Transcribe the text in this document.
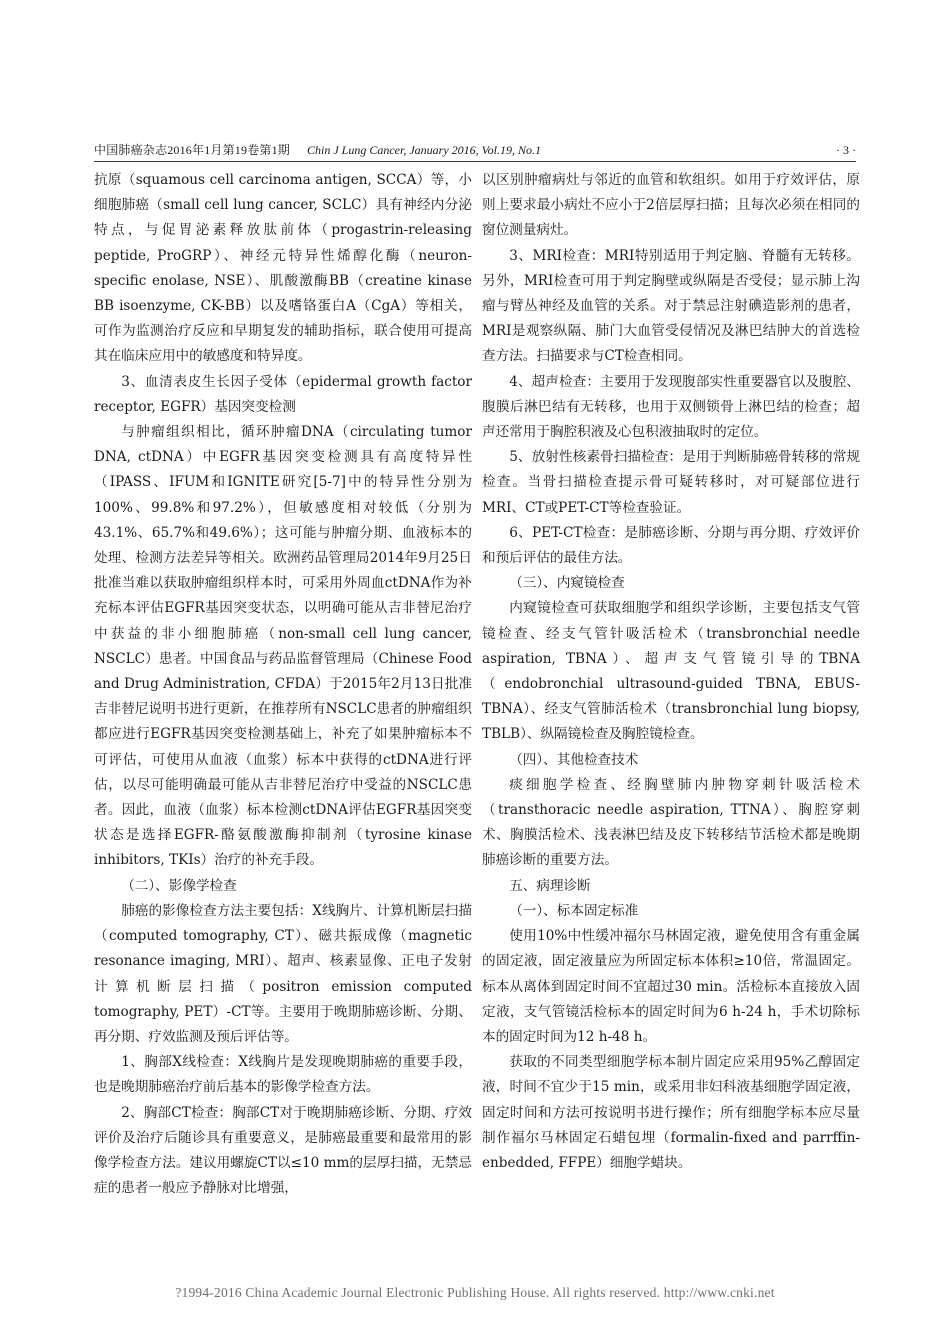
中国肺癌杂志2016年1月第19卷第1期 Chin J Lung Cancer, January 2016, Vol.19, No.1	· 3 ·

抗原（squamous cell carcinoma antigen, SCCA）等，小细胞肺癌（small cell lung cancer, SCLC）具有神经内分泌特点，与促胃泌素释放肽前体（progastrin-releasing peptide, ProGRP）、神经元特异性烯醇化酶（neuron-specific enolase, NSE）、肌酸激酶BB（creatine kinase BB isoenzyme, CK-BB）以及嗜铬蛋白A（CgA）等相关，可作为监测治疗反应和早期复发的辅助指标，联合使用可提高其在临床应用中的敏感度和特异度。

3、血清表皮生长因子受体（epidermal growth factor receptor, EGFR）基因突变检测

与肿瘤组织相比，循环肿瘤DNA（circulating tumor DNA, ctDNA）中EGFR基因突变检测具有高度特异性（IPASS、IFUM和IGNITE研究[5-7]中的特异性分别为100%、99.8%和97.2%），但敏感度相对较低（分别为43.1%、65.7%和49.6%）；这可能与肿瘤分期、血液标本的处理、检测方法差异等相关。欧洲药品管理局2014年9月25日批准当难以获取肿瘤组织样本时，可采用外周血ctDNA作为补充标本评估EGFR基因突变状态，以明确可能从吉非替尼治疗中获益的非小细胞肺癌（non-small cell lung cancer, NSCLC）患者。中国食品与药品监督管理局（Chinese Food and Drug Administration, CFDA）于2015年2月13日批准吉非替尼说明书进行更新，在推荐所有NSCLC患者的肿瘤组织都应进行EGFR基因突变检测基础上，补充了如果肿瘤标本不可评估，可使用从血液（血浆）标本中获得的ctDNA进行评估，以尽可能明确最可能从吉非替尼治疗中受益的NSCLC患者。因此，血液（血浆）标本检测ctDNA评估EGFR基因突变状态是选择EGFR-酪氨酸激酶抑制剂（tyrosine kinase inhibitors, TKIs）治疗的补充手段。

（二）、影像学检查

肺癌的影像检查方法主要包括：X线胸片、计算机断层扫描（computed tomography, CT）、磁共振成像（magnetic resonance imaging, MRI）、超声、核素显像、正电子发射计算机断层扫描（positron emission computed tomography, PET）-CT等。主要用于晚期肺癌诊断、分期、再分期、疗效监测及预后评估等。

1、胸部X线检查：X线胸片是发现晚期肺癌的重要手段，也是晚期肺癌治疗前后基本的影像学检查方法。

2、胸部CT检查：胸部CT对于晚期肺癌诊断、分期、疗效评价及治疗后随诊具有重要意义，是肺癌最重要和最常用的影像学检查方法。建议用螺旋CT以≤10 mm的层厚扫描，无禁忌症的患者一般应予静脉对比增强，

以区别肿瘤病灶与邻近的血管和软组织。如用于疗效评估，原则上要求最小病灶不应小于2倍层厚扫描；且每次必须在相同的窗位测量病灶。

3、MRI检查：MRI特别适用于判定脑、脊髓有无转移。另外，MRI检查可用于判定胸壁或纵隔是否受侵；显示肺上沟瘤与臂丛神经及血管的关系。对于禁忌注射碘造影剂的患者，MRI是观察纵隔、肺门大血管受侵情况及淋巴结肿大的首选检查方法。扫描要求与CT检查相同。

4、超声检查：主要用于发现腹部实性重要器官以及腹腔、腹膜后淋巴结有无转移，也用于双侧锁骨上淋巴结的检查；超声还常用于胸腔积液及心包积液抽取时的定位。

5、放射性核素骨扫描检查：是用于判断肺癌骨转移的常规检查。当骨扫描检查提示骨可疑转移时，对可疑部位进行MRI、CT或PET-CT等检查验证。

6、PET-CT检查：是肺癌诊断、分期与再分期、疗效评价和预后评估的最佳方法。

（三）、内窥镜检查

内窥镜检查可获取细胞学和组织学诊断，主要包括支气管镜检查、经支气管针吸活检术（transbronchial needle aspiration, TBNA）、超声支气管镜引导的TBNA（endobronchial ultrasound-guided TBNA, EBUS-TBNA）、经支气管肺活检术（transbronchial lung biopsy, TBLB）、纵隔镜检查及胸腔镜检查。

（四）、其他检查技术

痰细胞学检查、经胸壁肺内肿物穿刺针吸活检术（transthoracic needle aspiration, TTNA）、胸腔穿刺术、胸膜活检术、浅表淋巴结及皮下转移结节活检术都是晚期肺癌诊断的重要方法。

五、病理诊断

（一）、标本固定标准

使用10%中性缓冲福尔马林固定液，避免使用含有重金属的固定液，固定液量应为所固定标本体积≥10倍，常温固定。标本从离体到固定时间不宜超过30 min。活检标本直接放入固定液，支气管镜活检标本的固定时间为6 h-24 h，手术切除标本的固定时间为12 h-48 h。

获取的不同类型细胞学标本制片固定应采用95%乙醇固定液，时间不宜少于15 min，或采用非妇科液基细胞学固定液，固定时间和方法可按说明书进行操作；所有细胞学标本应尽量制作福尔马林固定石蜡包埋（formalin-fixed and parrffin-enbedded, FFPE）细胞学蜡块。

?1994-2016 China Academic Journal Electronic Publishing House. All rights reserved. http://www.cnki.net
